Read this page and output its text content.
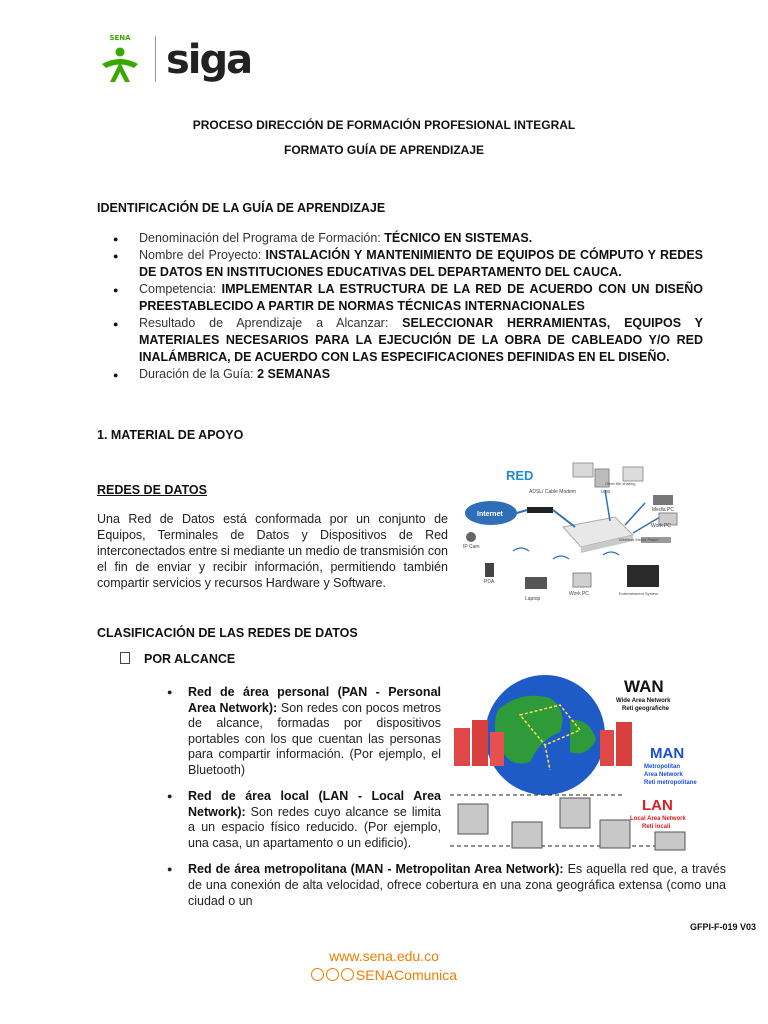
SENA siga
PROCESO DIRECCIÓN DE FORMACIÓN PROFESIONAL INTEGRAL
FORMATO GUÍA DE APRENDIZAJE
IDENTIFICACIÓN DE LA GUÍA DE APRENDIZAJE
● Denominación del Programa de Formación: TÉCNICO EN SISTEMAS.
● Nombre del Proyecto: INSTALACIÓN Y MANTENIMIENTO DE EQUIPOS DE CÓMPUTO Y REDES DE DATOS EN INSTITUCIONES EDUCATIVAS DEL DEPARTAMENTO DEL CAUCA.
● Competencia: IMPLEMENTAR LA ESTRUCTURA DE LA RED DE ACUERDO CON UN DISEÑO PREESTABLECIDO A PARTIR DE NORMAS TÉCNICAS INTERNACIONALES
● Resultado de Aprendizaje a Alcanzar: SELECCIONAR HERRAMIENTAS, EQUIPOS Y MATERIALES NECESARIOS PARA LA EJECUCIÓN DE LA OBRA DE CABLEADO Y/O RED INALÁMBRICA, DE ACUERDO CON LAS ESPECIFICACIONES DEFINIDAS EN EL DISEÑO.
● Duración de la Guía: 2 SEMANAS
1. MATERIAL DE APOYO
REDES DE DATOS
Una Red de Datos está conformada por un conjunto de Equipos, Terminales de Datos y Dispositivos de Red interconectados entre si mediante un medio de transmisión con el fin de enviar y recibir información, permitiendo también compartir servicios y recursos Hardware y Software.
RED
Internet
ADSL/ Cable Modem	USB
Other file sharing
Media PC
Work PC
Wireless Media Player
Entertainment System
IP Cam
PDA
Laptop
Work PC
CLASIFICACIÓN DE LAS REDES DE DATOS
POR ALCANCE
● Red de área personal (PAN - Personal Area Network): Son redes con pocos metros de alcance, formadas por dispositivos portables con los que cuentan las personas para compartir información. (Por ejemplo, el Bluetooth)
● Red de área local (LAN - Local Area Network): Son redes cuyo alcance se limita a un espacio físico reducido. (Por ejemplo, una casa, un apartamento o un edificio).
● Red de área metropolitana (MAN - Metropolitan Area Network): Es aquella red que, a través de una conexión de alta velocidad, ofrece cobertura en una zona geográfica extensa (como una ciudad o un
WAN
Wide Area Network
Reti geografiche
MAN
Metropolitan
Area Network
Reti metropolitane
LAN
Local Area Network
Reti locali
GFPI-F-019 V03
www.sena.edu.co
SENAComunica
